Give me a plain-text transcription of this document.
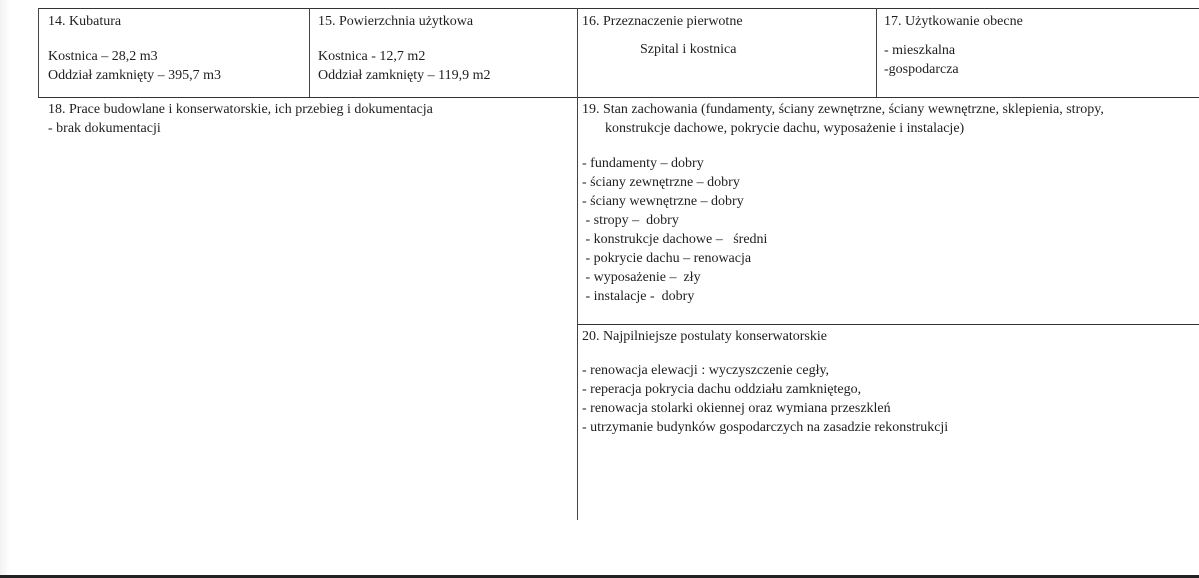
14. Kubatura
Kostnica – 28,2 m3
Oddział zamknięty – 395,7 m3
15. Powierzchnia użytkowa
Kostnica - 12,7 m2
Oddział zamknięty – 119,9 m2
16. Przeznaczenie pierwotne
Szpital i kostnica
17. Użytkowanie obecne
- mieszkalna
-gospodarcza
18. Prace budowlane i konserwatorskie, ich przebieg i dokumentacja
- brak dokumentacji
19. Stan zachowania (fundamenty, ściany zewnętrzne, ściany wewnętrzne, sklepienia, stropy,
konstrukcje dachowe, pokrycie dachu, wyposażenie i instalacje)
- fundamenty – dobry
- ściany zewnętrzne – dobry
- ściany wewnętrzne – dobry
- stropy –  dobry
- konstrukcje dachowe –   średni
- pokrycie dachu – renowacja
- wyposażenie –  zły
- instalacje -  dobry
20. Najpilniejsze postulaty konserwatorskie
- renowacja elewacji : wyczyszczenie cegły,
- reperacja pokrycia dachu oddziału zamkniętego,
- renowacja stolarki okiennej oraz wymiana przeszkleń
- utrzymanie budynków gospodarczych na zasadzie rekonstrukcji
